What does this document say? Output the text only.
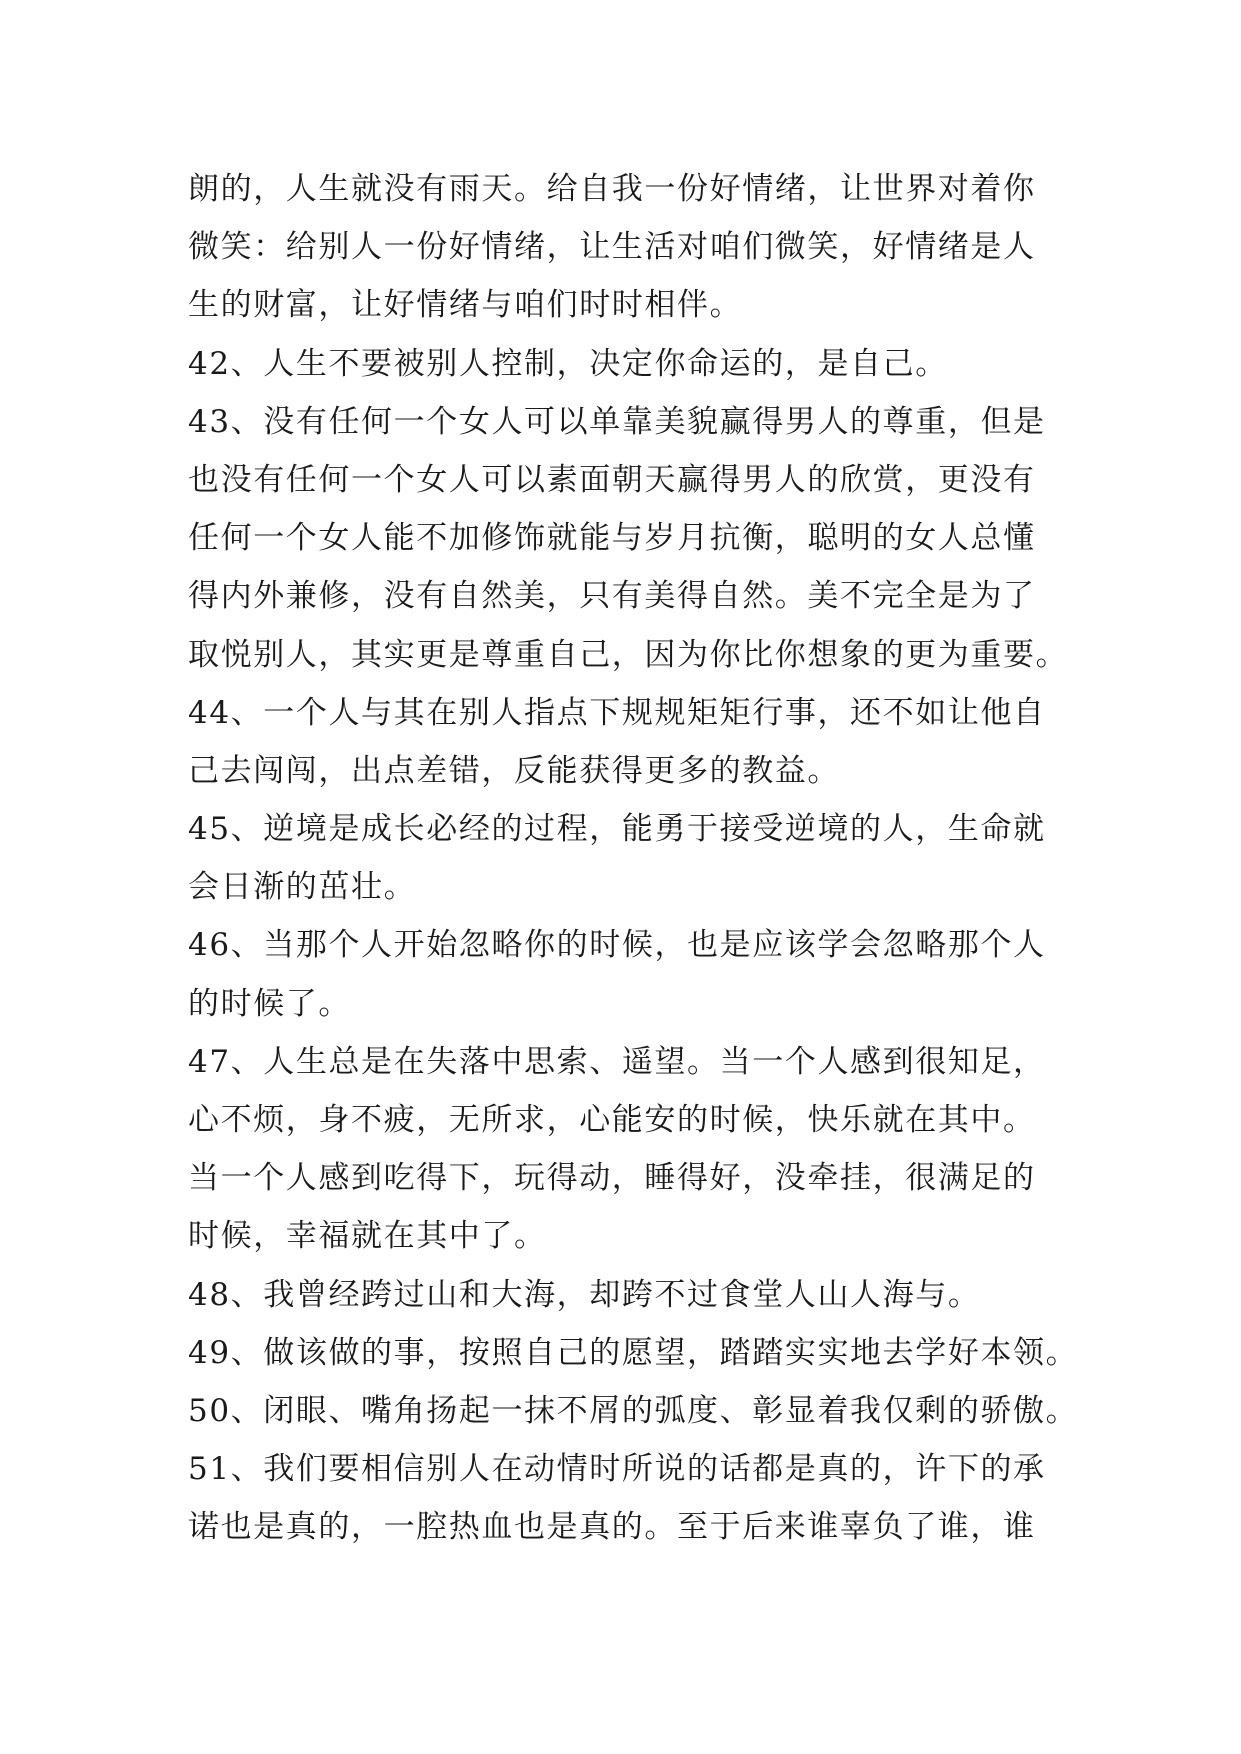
朗的，人生就没有雨天。给自我一份好情绪，让世界对着你
微笑：给别人一份好情绪，让生活对咱们微笑，好情绪是人
生的财富，让好情绪与咱们时时相伴。
42、人生不要被别人控制，决定你命运的，是自己。
43、没有任何一个女人可以单靠美貌赢得男人的尊重，但是
也没有任何一个女人可以素面朝天赢得男人的欣赏，更没有
任何一个女人能不加修饰就能与岁月抗衡，聪明的女人总懂
得内外兼修，没有自然美，只有美得自然。美不完全是为了
取悦别人，其实更是尊重自己，因为你比你想象的更为重要。
44、一个人与其在别人指点下规规矩矩行事，还不如让他自
己去闯闯，出点差错，反能获得更多的教益。
45、逆境是成长必经的过程，能勇于接受逆境的人，生命就
会日渐的茁壮。
46、当那个人开始忽略你的时候，也是应该学会忽略那个人
的时候了。
47、人生总是在失落中思索、遥望。当一个人感到很知足，
心不烦，身不疲，无所求，心能安的时候，快乐就在其中。
当一个人感到吃得下，玩得动，睡得好，没牵挂，很满足的
时候，幸福就在其中了。
48、我曾经跨过山和大海，却跨不过食堂人山人海与。
49、做该做的事，按照自己的愿望，踏踏实实地去学好本领。
50、闭眼、嘴角扬起一抹不屑的弧度、彰显着我仅剩的骄傲。
51、我们要相信别人在动情时所说的话都是真的，许下的承
诺也是真的，一腔热血也是真的。至于后来谁辜负了谁，谁
